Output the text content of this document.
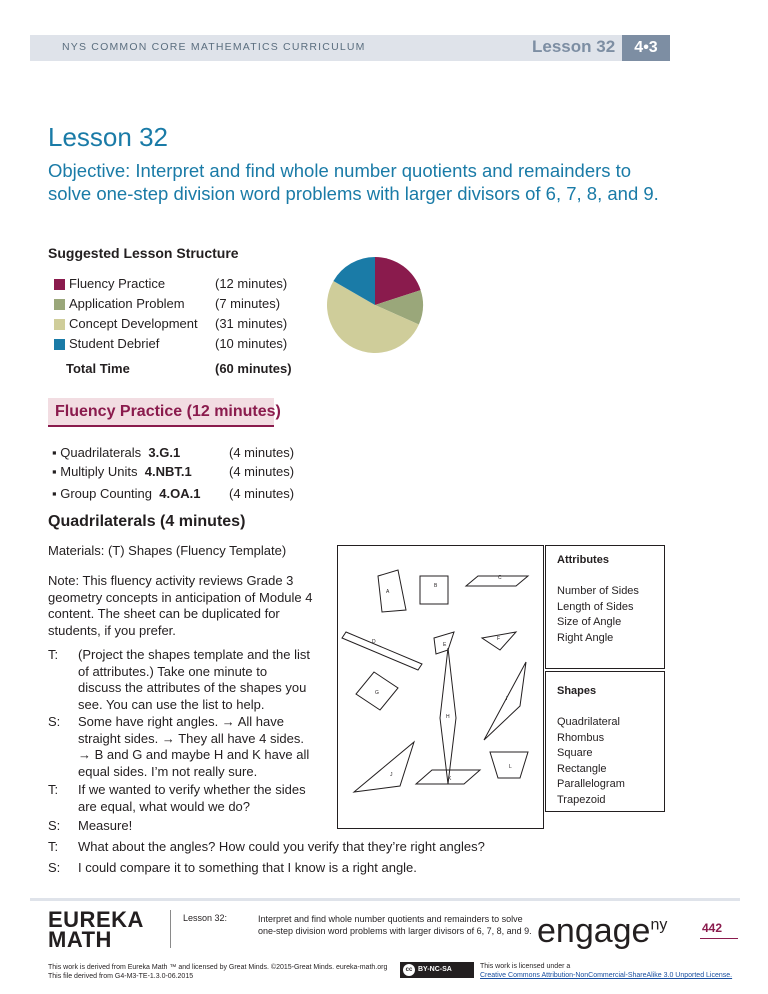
NYS COMMON CORE MATHEMATICS CURRICULUM	Lesson 32	4•3
Lesson 32
Objective: Interpret and find whole number quotients and remainders to
solve one-step division word problems with larger divisors of 6, 7, 8, and 9.
Suggested Lesson Structure
Fluency Practice	(12 minutes)
Application Problem (7 minutes)
Concept Development (31 minutes)
Student Debrief	(10 minutes)
Total Time	(60 minutes)
Fluency Practice (12 minutes)
▪ Quadrilaterals 3.G.1	(4 minutes)
▪ Multiply Units 4.NBT.1	(4 minutes)
▪ Group Counting 4.OA.1 (4 minutes)
Quadrilaterals (4 minutes)
Materials: (T) Shapes (Fluency Template)
Note: This fluency activity reviews Grade 3
geometry concepts in anticipation of Module 4
content. The sheet can be duplicated for
students, if you prefer.
T: (Project the shapes template and the list
of attributes.) Take one minute to
discuss the attributes of the shapes you
see. You can use the list to help.
S: Some have right angles. → All have
straight sides. → They all have 4 sides.
→ B and G and maybe H and K have all
equal sides. I’m not really sure.
T: If we wanted to verify whether the sides
are equal, what would we do?
S: Measure!
T: What about the angles? How could you verify that they’re right angles?
S: I could compare it to something that I know is a right angle.
A
B
C
D	E
F
G
H
I
J
K
L
Attributes
Number of Sides
Length of Sides
Size of Angle
Right Angle
Shapes
Quadrilateral
Rhombus
Square
Rectangle
Parallelogram
Trapezoid
EUREKA
MATH
Lesson 32:	Interpret and find whole number quotients and remainders to solve
one-step division word problems with larger divisors of 6, 7, 8, and 9. engage$^{ny}$	442
This work is derived from Eureka Math ™ and licensed by Great Minds. ©2015-Great Minds. eureka-math.org
This file derived from G4-M3-TE-1.3.0-06.2015
cc BY-NC-SA	This work is licensed under a
Creative Commons Attribution-NonCommercial-ShareAlike 3.0 Unported License.
